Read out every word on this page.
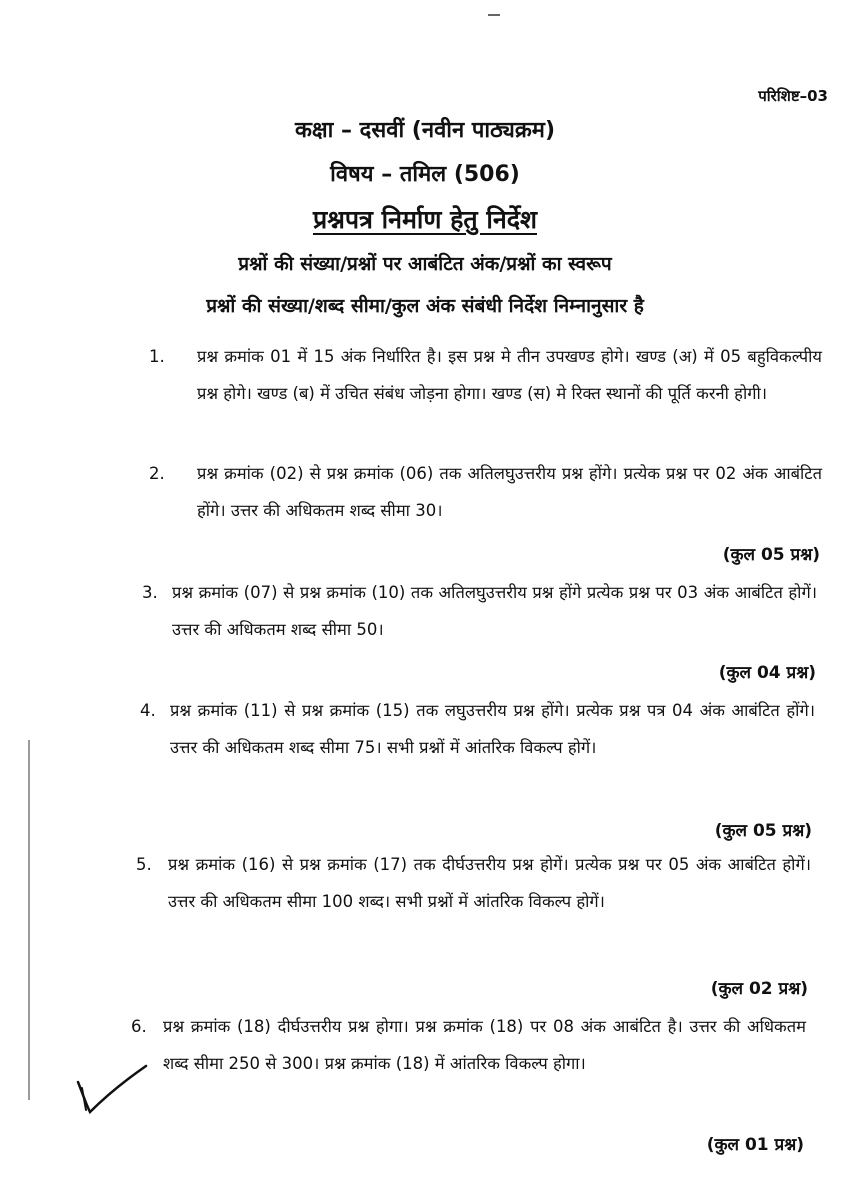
परिशिष्ट–03
कक्षा – दसवीं (नवीन पाठ्यक्रम)
विषय – तमिल (506)
प्रश्नपत्र निर्माण हेतु निर्देश
प्रश्नों की संख्या/प्रश्नों पर आबंटित अंक/प्रश्नों का स्वरूप
प्रश्नों की संख्या/शब्द सीमा/कुल अंक संबंधी निर्देश निम्नानुसार है
1.	प्रश्न क्रमांक 01 में 15 अंक निर्धारित है। इस प्रश्न मे तीन उपखण्ड होगे। खण्ड (अ) में 05 बहुविकल्पीय प्रश्न होगे। खण्ड (ब) में उचित संबंध जोड़ना होगा। खण्ड (स) मे रिक्त स्थानों की पूर्ति करनी होगी।
2.	प्रश्न क्रमांक (02) से प्रश्न क्रमांक (06) तक अतिलघुउत्तरीय प्रश्न होंगे। प्रत्येक प्रश्न पर 02 अंक आबंटित होंगे। उत्तर की अधिकतम शब्द सीमा 30।
(कुल 05 प्रश्न)
3. प्रश्न क्रमांक (07) से प्रश्न क्रमांक (10) तक अतिलघुउत्तरीय प्रश्न होंगे प्रत्येक प्रश्न पर 03 अंक आबंटित होगें। उत्तर की अधिकतम शब्द सीमा 50।
(कुल 04 प्रश्न)
4. प्रश्न क्रमांक (11) से प्रश्न क्रमांक (15) तक लघुउत्तरीय प्रश्न होंगे। प्रत्येक प्रश्न पत्र 04 अंक आबंटित होंगे। उत्तर की अधिकतम शब्द सीमा 75। सभी प्रश्नों में आंतरिक विकल्प होगें।
(कुल 05 प्रश्न)
5. प्रश्न क्रमांक (16) से प्रश्न क्रमांक (17) तक दीर्घउत्तरीय प्रश्न होगें। प्रत्येक प्रश्न पर 05 अंक आबंटित होगें। उत्तर की अधिकतम सीमा 100 शब्द। सभी प्रश्नों में आंतरिक विकल्प होगें।
(कुल 02 प्रश्न)
6. प्रश्न क्रमांक (18) दीर्घउत्तरीय प्रश्न होगा। प्रश्न क्रमांक (18) पर 08 अंक आबंटित है। उत्तर की अधिकतम शब्द सीमा 250 से 300। प्रश्न क्रमांक (18) में आंतरिक विकल्प होगा।
(कुल 01 प्रश्न)
